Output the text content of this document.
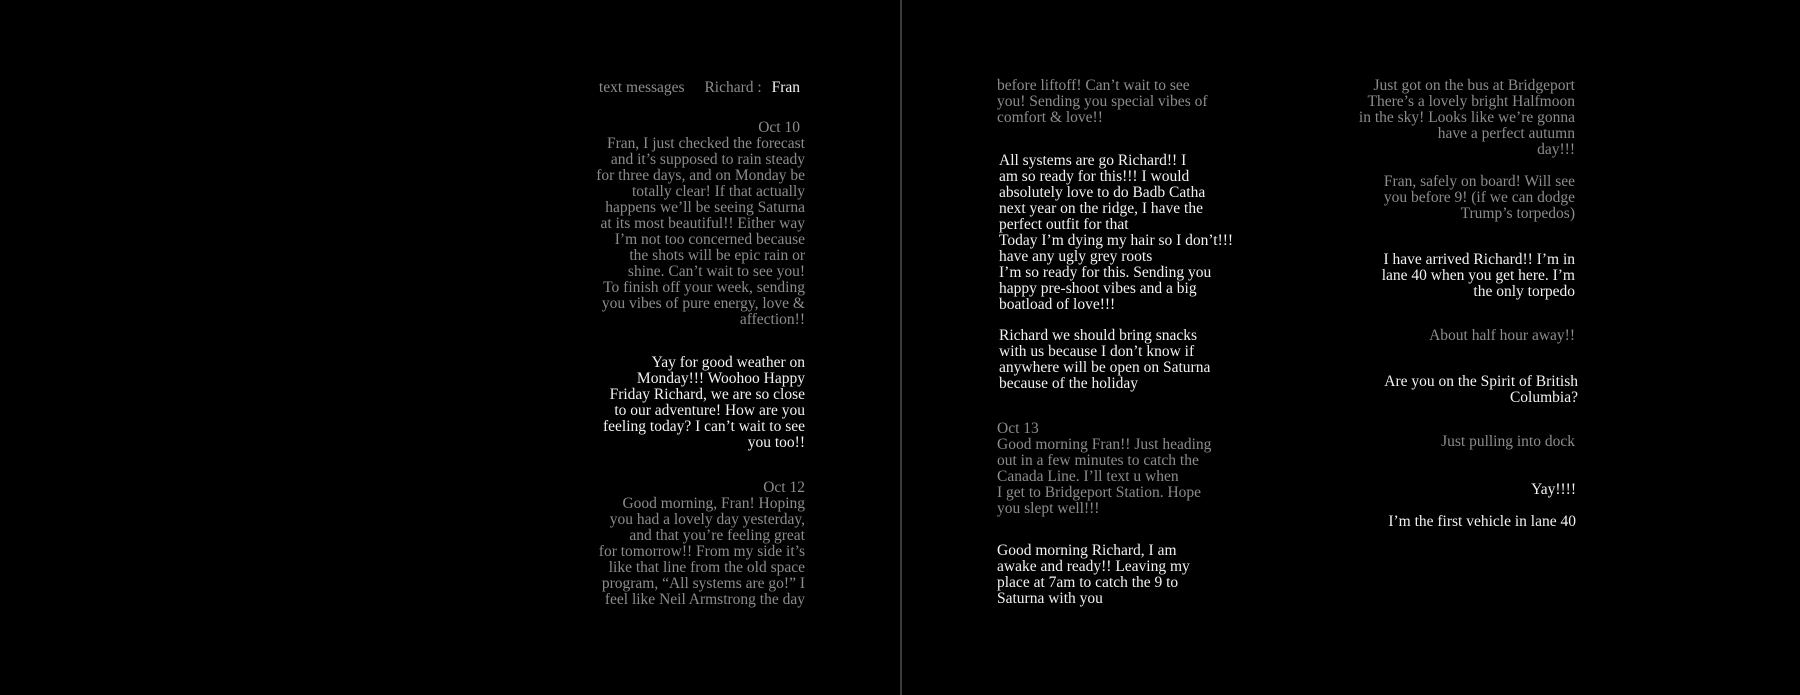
text messages Richard : Fran
Oct 10
Fran, I just checked the forecast
and it’s supposed to rain steady
for three days, and on Monday be
totally clear! If that actually
happens we’ll be seeing Saturna
at its most beautiful!! Either way
I’m not too concerned because
the shots will be epic rain or
shine. Can’t wait to see you!
To finish off your week, sending
you vibes of pure energy, love &
affection!!
Yay for good weather on
Monday!!! Woohoo Happy
Friday Richard, we are so close
to our adventure! How are you
feeling today? I can’t wait to see
you too!!
Oct 12
Good morning, Fran! Hoping
you had a lovely day yesterday,
and that you’re feeling great
for tomorrow!! From my side it’s
like that line from the old space
program, “All systems are go!” I
feel like Neil Armstrong the day
before liftoff! Can’t wait to see
you! Sending you special vibes of
comfort & love!!
All systems are go Richard!! I
am so ready for this!!! I would
absolutely love to do Badb Catha
next year on the ridge, I have the
perfect outfit for that
Today I’m dying my hair so I don’t!!!
have any ugly grey roots
I’m so ready for this. Sending you
happy pre-shoot vibes and a big
boatload of love!!!
Richard we should bring snacks
with us because I don’t know if
anywhere will be open on Saturna
because of the holiday
Oct 13
Good morning Fran!! Just heading
out in a few minutes to catch the
Canada Line. I’ll text u when
I get to Bridgeport Station. Hope
you slept well!!!
Good morning Richard, I am
awake and ready!! Leaving my
place at 7am to catch the 9 to
Saturna with you
Just got on the bus at Bridgeport
There’s a lovely bright Halfmoon
in the sky! Looks like we’re gonna
have a perfect autumn
day!!!
Fran, safely on board! Will see
you before 9! (if we can dodge
Trump’s torpedos)
I have arrived Richard!! I’m in
lane 40 when you get here. I’m
the only torpedo
About half hour away!!
Are you on the Spirit of British
Columbia?
Just pulling into dock
Yay!!!!
I’m the first vehicle in lane 40
